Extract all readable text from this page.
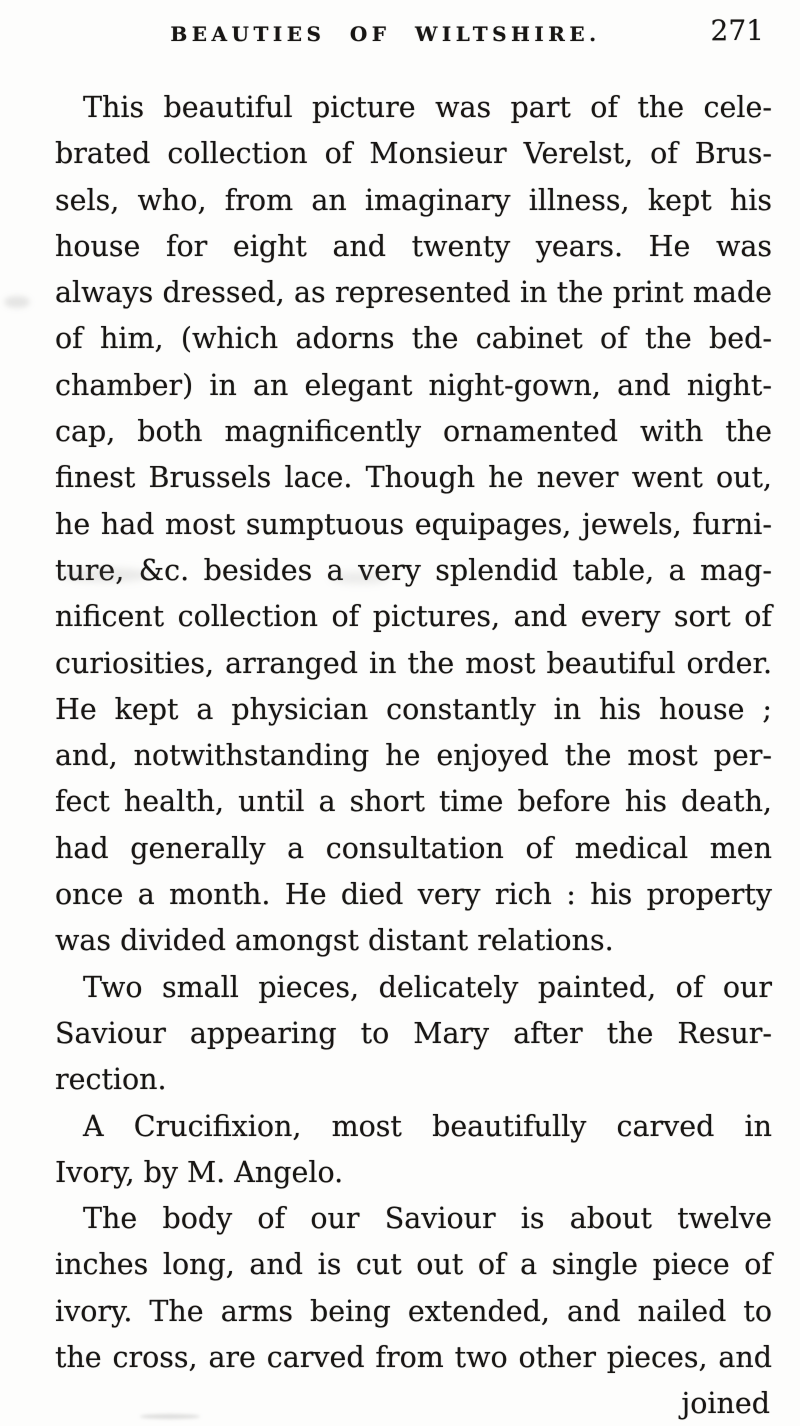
BEAUTIES OF WILTSHIRE.	271
This beautiful picture was part of the cele-
brated collection of Monsieur Verelst, of Brus-
sels, who, from an imaginary illness, kept his
house for eight and twenty years. He was
always dressed, as represented in the print made
of him, (which adorns the cabinet of the bed-
chamber) in an elegant night-gown, and night-
cap, both magnificently ornamented with the
finest Brussels lace. Though he never went out,
he had most sumptuous equipages, jewels, furni-
ture, &c. besides a very splendid table, a mag-
nificent collection of pictures, and every sort of
curiosities, arranged in the most beautiful order.
He kept a physician constantly in his house ;
and, notwithstanding he enjoyed the most per-
fect health, until a short time before his death,
had generally a consultation of medical men
once a month. He died very rich : his property
was divided amongst distant relations.
Two small pieces, delicately painted, of our
Saviour appearing to Mary after the Resur-
rection.
A Crucifixion, most beautifully carved in
Ivory, by M. Angelo.
The body of our Saviour is about twelve
inches long, and is cut out of a single piece of
ivory. The arms being extended, and nailed to
the cross, are carved from two other pieces, and
joined
